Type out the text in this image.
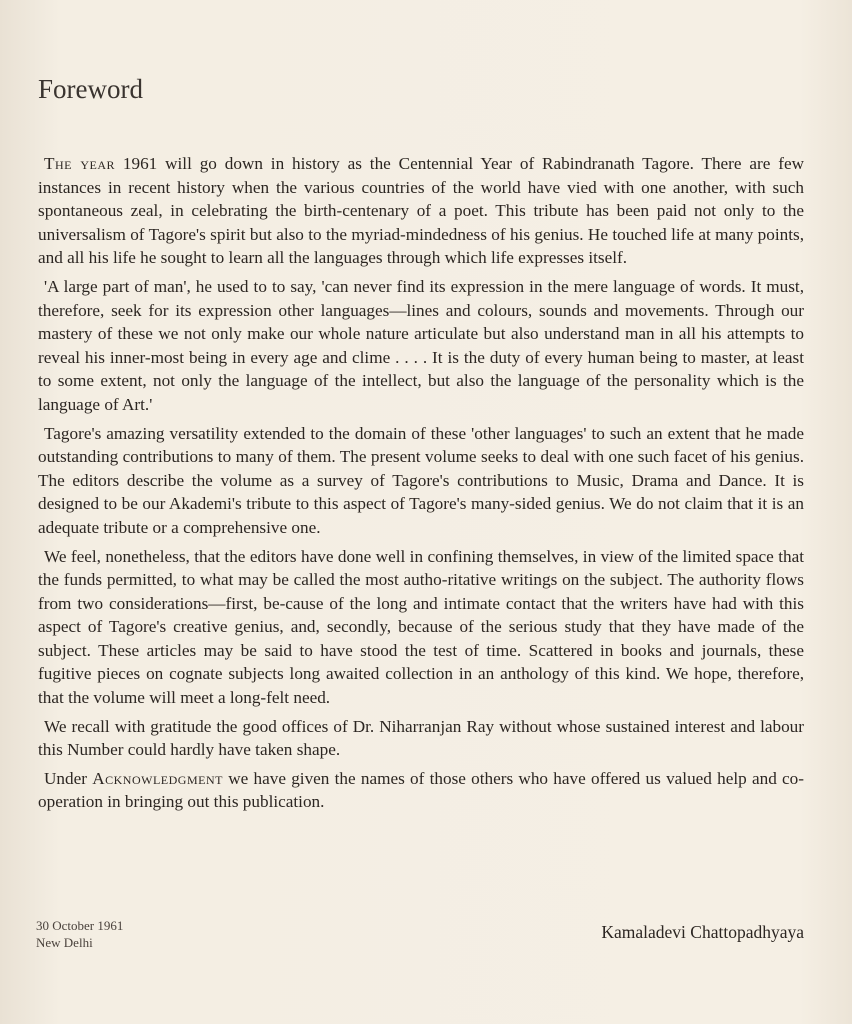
Foreword

The year 1961 will go down in history as the Centennial Year of Rabindranath Tagore. There are few instances in recent history when the various countries of the world have vied with one another, with such spontaneous zeal, in celebrating the birth-centenary of a poet. This tribute has been paid not only to the universalism of Tagore's spirit but also to the myriad-mindedness of his genius. He touched life at many points, and all his life he sought to learn all the languages through which life expresses itself.

'A large part of man', he used to to say, 'can never find its expression in the mere language of words. It must, therefore, seek for its expression other languages—lines and colours, sounds and movements. Through our mastery of these we not only make our whole nature articulate but also understand man in all his attempts to reveal his inner-most being in every age and clime . . . . It is the duty of every human being to master, at least to some extent, not only the language of the intellect, but also the language of the personality which is the language of Art.'

Tagore's amazing versatility extended to the domain of these 'other languages' to such an extent that he made outstanding contributions to many of them. The present volume seeks to deal with one such facet of his genius. The editors describe the volume as a survey of Tagore's contributions to Music, Drama and Dance. It is designed to be our Akademi's tribute to this aspect of Tagore's many-sided genius. We do not claim that it is an adequate tribute or a comprehensive one.

We feel, nonetheless, that the editors have done well in confining themselves, in view of the limited space that the funds permitted, to what may be called the most autho-ritative writings on the subject. The authority flows from two considerations—first, be-cause of the long and intimate contact that the writers have had with this aspect of Tagore's creative genius, and, secondly, because of the serious study that they have made of the subject. These articles may be said to have stood the test of time. Scattered in books and journals, these fugitive pieces on cognate subjects long awaited collection in an anthology of this kind. We hope, therefore, that the volume will meet a long-felt need.

We recall with gratitude the good offices of Dr. Niharranjan Ray without whose sustained interest and labour this Number could hardly have taken shape.

Under Acknowledgment we have given the names of those others who have offered us valued help and co-operation in bringing out this publication.

30 October 1961
New Delhi
Kamaladevi Chattopadhyaya
